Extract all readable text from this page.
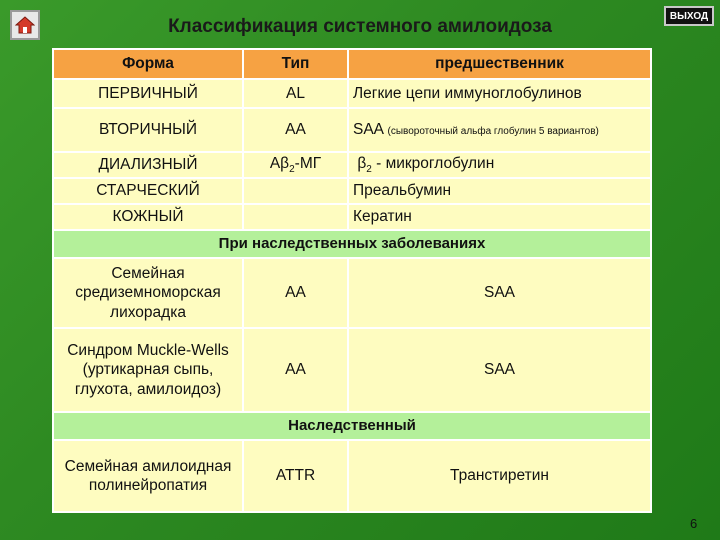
Классификация системного амилоидоза	ВЫХОД
Форма	Тип	предшественник
ПЕРВИЧНЫЙ	AL	Легкие цепи иммуноглобулинов
ВТОРИЧНЫЙ	AA	SAA (сывороточный альфа глобулин 5 вариантов)
ДИАЛИЗНЫЙ	$A\beta_2-МГ$	$\beta_2$ - микроглобулин
СТАРЧЕСКИЙ		Преальбумин
КОЖНЫЙ		Кератин
При наследственных заболеваниях		
Семейная средиземноморская лихорадка	AA	SAA
Синдром Muckle-Wells (уртикарная сыпь, глухота, амилоидоз)	AA	SAA
Наследственный		
Семейная амилоидная полинейропатия	ATTR	Транстиретин
6
